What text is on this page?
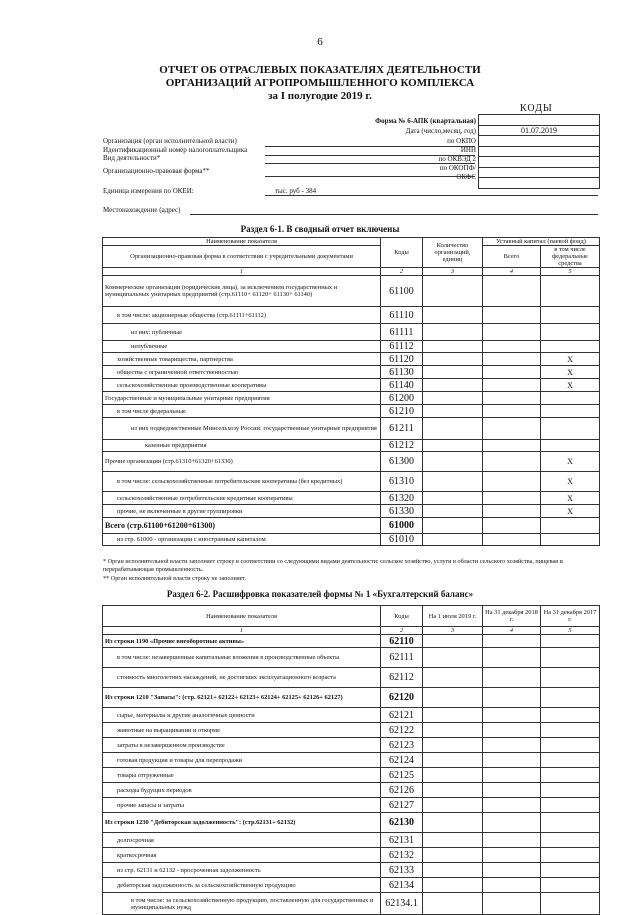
6
ОТЧЕТ ОБ ОТРАСЛЕВЫХ ПОКАЗАТЕЛЯХ ДЕЯТЕЛЬНОСТИ
ОРГАНИЗАЦИЙ АГРОПРОМЫШЛЕННОГО КОМПЛЕКСА
за I полугодие 2019 г.
КОДЫ
Форма № 6-АПК (квартальная)
Дата (число,месяц, год)
Организация (орган исполнительной власти)	по ОКПО
Идентификационный номер налогоплательщика	ИНН
Вид деятельности*	по ОКВЭД 2
по ОКОПФ/
Организационно-правовая форма**
ОКФС
Единица измерения по ОКЕИ:	тыс. руб - 384
Местонахождение (адрес)
01.07.2019
Раздел 6-1. В сводный отчет включены
Наименование показателя	Коды	Количество организаций, единиц	Уставный капитал (паевой фонд)	
Организационно-правовая форма в соответствии с учредительными документами			Всего	в том числе федеральные средства
1	2	3	4	5
Коммерческие организации (юридические лица), за исключением государственных и муниципальных унитарных предприятий (стр.61110+ 61120+ 61130+ 61140)	61100			
в том числе: акционерные общества (стр.61111+61112)	61110			
из них: публичные	61111			
непубличные	61112			
хозяйственные товарищества, партнерства	61120			X
общества с ограниченной ответственностью	61130			X
сельскохозяйственные производственные кооперативы	61140			X
Государственные и муниципальные унитарные предприятия	61200			
в том числе федеральные	61210			
из них подведомственные Минсельхозу России: государственные унитарные предприятия	61211			
казенные предприятия	61212			
Прочие организации (стр.61310+61320+61330)	61300			X
в том числе: сельскохозяйственные потребительские кооперативы (без кредитных)	61310			X
сельскохозяйственные потребительские кредитные кооперативы	61320			X
прочие, не включенные в другие группировки	61330			X
Всего (стр.61100+61200+61300)	61000			
из стр. 61000 - организации с иностранным капиталом	61010			
* Орган исполнительной власти заполняет строку в соответствии со следующими видами деятельности: сельское хозяйство, услуги в области сельского хозяйства, пищевая и перерабатывающая промышленность.
** Орган исполнительной власти строку не заполняет.
Раздел 6-2. Расшифровка показателей формы № 1 «Бухгалтерский баланс»
Наименование показателя	Коды	На 1 июля 2019 г.	На 31 декабря 2018 г.	На 31 декабря 2017 г.
1	2	3	4	5
Из строки 1190 «Прочие внеоборотные активы»	62110			
в том числе: незавершенные капитальные вложения в производственные объекты	62111			
стоимость многолетних насаждений, не достигших эксплуатационного возраста	62112			
Из строки 1210 "Запасы": (стр. 62121+ 62122+ 62123+ 62124+ 62125+ 62126+ 62127)	62120			
сырье, материалы и другие аналогичные ценности	62121			
животные на выращивании и откорме	62122			
затраты в незавершенном производстве	62123			
готовая продукция и товары для перепродажи	62124			
товары отгруженные	62125			
расходы будущих периодов	62126			
прочие запасы и затраты	62127			
Из строки 1230 "Дебиторская задолженность": (стр.62131+ 62132)	62130			
долгосрочная	62131			
краткосрочная	62132			
из стр. 62131 и 62132 - просроченная задолженность	62133			
дебиторская задолженность за сельскохозяйственную продукцию	62134			
в том числе: за сельскохозяйственную продукцию, поставленную для государственных и муниципальных нужд	62134.1			
